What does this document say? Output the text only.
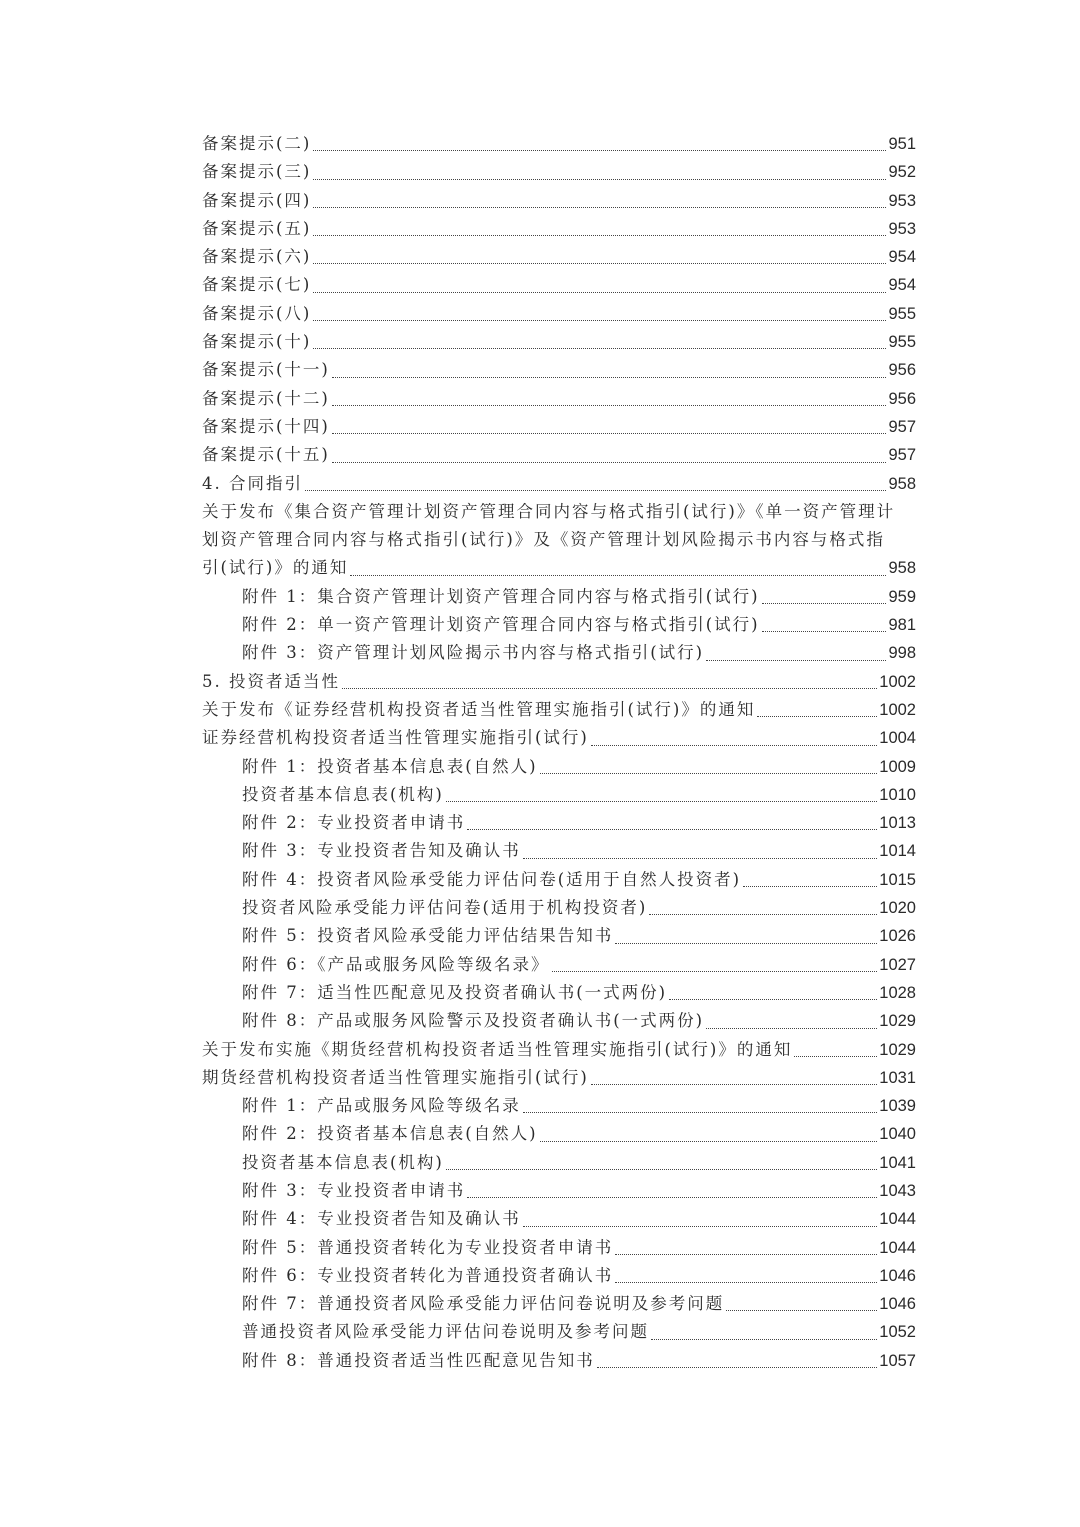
备案提示(二)	951
备案提示(三)	952
备案提示(四)	953
备案提示(五)	953
备案提示(六)	954
备案提示(七)	954
备案提示(八)	955
备案提示(十)	955
备案提示(十一)	956
备案提示(十二)	956
备案提示(十四)	957
备案提示(十五)	957
4. 合同指引	958
关于发布《集合资产管理计划资产管理合同内容与格式指引(试行)》《单一资产管理计
划资产管理合同内容与格式指引(试行)》及《资产管理计划风险揭示书内容与格式指
引(试行)》的通知	958
附件 1：集合资产管理计划资产管理合同内容与格式指引(试行)	959
附件 2：单一资产管理计划资产管理合同内容与格式指引(试行)	981
附件 3：资产管理计划风险揭示书内容与格式指引(试行)	998
5. 投资者适当性	1002
关于发布《证券经营机构投资者适当性管理实施指引(试行)》的通知	1002
证券经营机构投资者适当性管理实施指引(试行)	1004
附件 1：投资者基本信息表(自然人)	1009
投资者基本信息表(机构)	1010
附件 2：专业投资者申请书	1013
附件 3：专业投资者告知及确认书	1014
附件 4：投资者风险承受能力评估问卷(适用于自然人投资者)	1015
投资者风险承受能力评估问卷(适用于机构投资者)	1020
附件 5：投资者风险承受能力评估结果告知书	1026
附件 6：《产品或服务风险等级名录》	1027
附件 7：适当性匹配意见及投资者确认书(一式两份)	1028
附件 8：产品或服务风险警示及投资者确认书(一式两份)	1029
关于发布实施《期货经营机构投资者适当性管理实施指引(试行)》的通知	1029
期货经营机构投资者适当性管理实施指引(试行)	1031
附件 1：产品或服务风险等级名录	1039
附件 2：投资者基本信息表(自然人)	1040
投资者基本信息表(机构)	1041
附件 3：专业投资者申请书	1043
附件 4：专业投资者告知及确认书	1044
附件 5：普通投资者转化为专业投资者申请书	1044
附件 6：专业投资者转化为普通投资者确认书	1046
附件 7：普通投资者风险承受能力评估问卷说明及参考问题	1046
普通投资者风险承受能力评估问卷说明及参考问题	1052
附件 8：普通投资者适当性匹配意见告知书	1057
